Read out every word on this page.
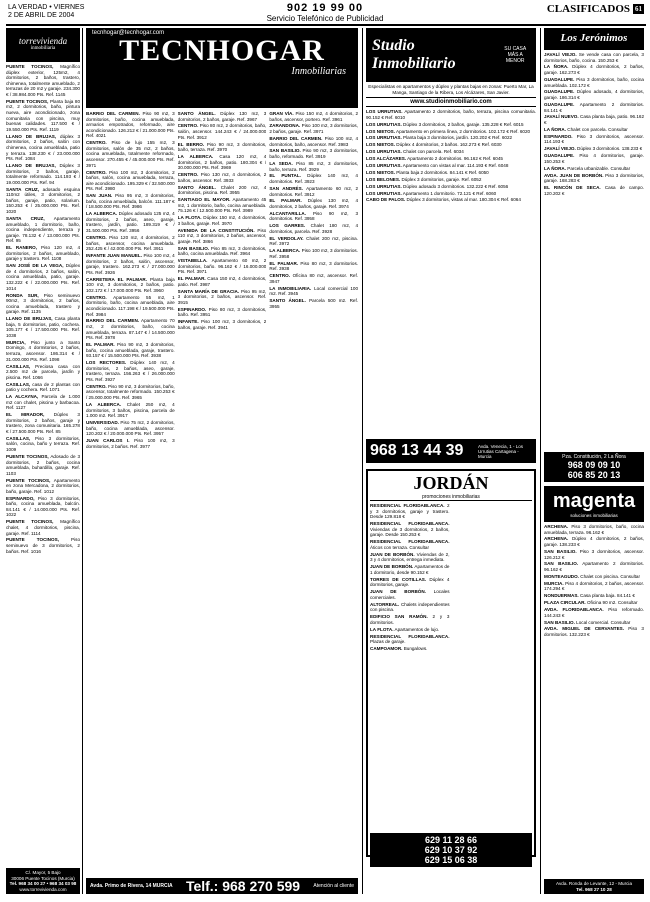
LA VERDAD • VIERNES
2 DE ABRIL DE 2004
902 19 99 00
Servicio Telefónico de Publicidad
CLASIFICADOS 61
torrevivienda
inmobiliaria

PUENTE TOCINOS, Magnífico dúplex exterior, 125m2, 4 dormitorios, 2 baños, trastero, chimenea, totalmente amueblado, 2 terrazas de 20 m2 y garaje. 234.300 € / 38.984.000 Pts. Ref. 1145

PUENTE TOCINOS, Planta baja 80 m2, 2 dormitorios, baño, pintura nueva, aire acondicionado, zona comunitaria con piscina, muy buenas calidades. 117.500 € / 19.550.000 Pts. Ref. 1119

LLANO DE BRUJAS, dúplex 3 dormitorios, 2 baños, salón con chimenea, cocina amueblada, patio y terraza. 138.230 € / 23.000.000 Pts. Ref. 1084

LLANO DE BRUJAS, Dúplex 3 dormitorios, 2 baños, garaje, totalmente reformado. 114.193 € / 19.000.000 Pts. Ref. 94

SANTA CRUZ, adosado esquina 110m2 útiles, 3 dormitorios, 2 baños, garaje, patio, solarium. 150.253 € / 25.000.000 Pts. Ref. 1020

SANTA CRUZ, Apartamento amueblado, 1 dormitorio, baño, cocina independiente, terraza y garaje. 78.132 € / 13.000.000 Pts. Ref. 95

EL RANERO, Piso 120 m2, 4 dormitorios, 2 baños, amueblado, garaje y trastero. Ref. 1108

SAN JOSÉ DE LA VEGA, Dúplex de 4 dormitorios, 2 baños, salón, cocina amueblada, patio, garaje. 132.222 € / 22.000.000 Pts. Ref. 1014

RONDA SUR, Piso seminuevo 90m2, 3 dormitorios, 2 baños, cocina amueblada, trastero y garaje. Ref. 1135

LLANO DE BRUJAS, Casa planta baja, 5 dormitorios, patio, cochera. 105.177 € / 17.500.000 Pts. Ref. 1038

MURCIA, Piso junto a Santo Domingo, 4 dormitorios, 2 baños, terraza, ascensor. 186.314 € / 31.000.000 Pts. Ref. 1098

CASILLAS, Preciosa casa con 2.500 m2 de parcela, jardín y piscina. Ref. 1066

CASILLAS, casa de 2 plantas con patio y cochera. Ref. 1071

LA ALCAYNA, Parcela de 1.000 m2 con chalet, piscina y barbacoa. Ref. 1127

EL MIRADOR, Dúplex 3 dormitorios, 2 baños, garaje y trastero, zona comunitaria. 165.278 € / 27.500.000 Pts. Ref. 85

CASILLAS, Piso 3 dormitorios, salón, cocina, baño y terraza. Ref. 1009

PUENTE TOCINOS, Adosado de 3 dormitorios, 2 baños, cocina amueblada, buhardilla, garaje. Ref. 1103

PUENTE TOCINOS, Apartamento en zona Mercadona, 2 dormitorios, baño, garaje. Ref. 1012

ESPINARDO, Piso 3 dormitorios, baño, cocina amueblada, balcón. 84.141 € / 14.000.000 Pts. Ref. 1022

PUENTE TOCINOS, Magnífico chalet, 4 dormitorios, piscina, garaje. Ref. 1114

PUENTE TOCINOS, Piso seminuevo de 3 dormitorios, 2 baños. Ref. 1016

C/. Mayor, 5 Bajo
30006 Puente Tocinos (Murcia)
Tel. 968 34 00 27 • 968 34 03 98
www.torrevivienda.com
tecnhogar@tecnhogar.com
TECNHOGAR
Inmobiliarias

BARRIO DEL CARMEN. Piso 90 m2, 3 dormitorios, baño, cocina amueblada, armarios empotrados, reformado, aire acondicionado. 126.212 € / 21.000.000 Pts. Ref. 4021

CENTRO. Piso de lujo 155 m2, 3 dormitorios, salón de 35 m2, 2 baños, cocina amueblada, totalmente reformado, ascensor. 270.455 € / 45.000.000 Pts. Ref. 3971

CENTRO. Piso 100 m2, 3 dormitorios, 2 baños, salón, cocina amueblada, terraza, aire acondicionado. 195.329 € / 32.500.000 Pts. Ref. 3980

SAN JUAN. Piso 95 m2, 3 dormitorios, baño, cocina amueblada, balcón. 111.187 € / 18.500.000 Pts. Ref. 3986

LA ALBERCA. Dúplex adosado 125 m2, 4 dormitorios, 2 baños, aseo, garaje, trastero, jardín, patio. 189.319 € / 31.500.000 Pts. Ref. 3956

CENTRO. Piso 120 m2, 4 dormitorios, 2 baños, ascensor, cocina amueblada. 252.425 € / 42.000.000 Pts. Ref. 3911

INFANTE JUAN MANUEL. Piso 100 m2, 4 dormitorios, 2 baños, salón, ascensor, garaje, trastero. 162.273 € / 27.000.000 Pts. Ref. 3926

CARRETERA EL PALMAR. Planta baja 100 m2, 3 dormitorios, 2 baños, patio. 102.172 € / 17.000.000 Pts. Ref. 3960

CENTRO. Apartamento 55 m2, 1 dormitorio, baño, cocina amueblada, aire acondicionado. 117.198 € / 19.500.000 Pts. Ref. 3984

BARRIO DEL CARMEN. Apartamento 70 m2, 2 dormitorios, baño, cocina amueblada, terraza. 87.147 € / 14.500.000 Pts. Ref. 3978

EL PALMAR. Piso 90 m2, 3 dormitorios, baño, cocina amueblada, garaje, trastero. 93.157 € / 15.500.000 Pts. Ref. 3938

LOS RECTORES. Dúplex 140 m2, 4 dormitorios, 2 baños, aseo, garaje, trastero, terraza. 156.263 € / 26.000.000 Pts. Ref. 3927

CENTRO. Piso 90 m2, 3 dormitorios, baño, ascensor, totalmente reformado. 150.253 € / 25.000.000 Pts. Ref. 3965

LA ALBERCA. Chalet 250 m2, 4 dormitorios, 3 baños, piscina, parcela de 1.000 m2. Ref. 3917

UNIVERSIDAD. Piso 75 m2, 2 dormitorios, baño, cocina amueblada, ascensor. 120.202 € / 20.000.000 Pts. Ref. 3957

JUAN CARLOS I. Piso 100 m2, 3 dormitorios, 2 baños. Ref. 3977

SANTO ÁNGEL. Dúplex 130 m2, 3 dormitorios, 2 baños, garaje. Ref. 3967

CENTRO. Piso 80 m2, 2 dormitorios, baño, salón, ascensor. 144.243 € / 24.000.000 Pts. Ref. 3912

EL BERRO. Piso 90 m2, 3 dormitorios, baño, terraza. Ref. 3970

LA ALBERCA. Casa 120 m2, 4 dormitorios, 2 baños, patio. 180.304 € / 30.000.000 Pts. Ref. 3969

CENTRO. Piso 130 m2, 4 dormitorios, 2 baños, ascensor. Ref. 3933

SANTO ÁNGEL. Chalet 200 m2, 4 dormitorios, piscina. Ref. 3955

SANTIAGO EL MAYOR. Apartamento 45 m2, 1 dormitorio, baño, cocina amueblada. 75.126 € / 12.500.000 Pts. Ref. 3989

LA FLOTA. Dúplex 150 m2, 4 dormitorios, 3 baños, garaje. Ref. 3970

AVENIDA DE LA CONSTITUCIÓN. Piso 110 m2, 3 dormitorios, 2 baños, ascensor, garaje. Ref. 3866

SAN BASILIO. Piso 85 m2, 3 dormitorios, baño, cocina amueblada. Ref. 3964

VISTABELLA. Apartamento 60 m2, 2 dormitorios, baño. 96.162 € / 16.000.000 Pts. Ref. 3971

EL PALMAR. Casa 150 m2, 4 dormitorios, patio. Ref. 3987

SANTA MARÍA DE GRACIA. Piso 95 m2, 3 dormitorios, 2 baños, ascensor. Ref. 3915

ESPINARDO. Piso 80 m2, 3 dormitorios, baño. Ref. 3951

INFANTE. Piso 100 m2, 3 dormitorios, 2 baños, garaje. Ref. 3941

GRAN VÍA. Piso 150 m2, 4 dormitorios, 2 baños, ascensor, portero. Ref. 3961

ZARANDONA. Piso 100 m2, 3 dormitorios, 2 baños, garaje. Ref. 3971

BARRIO DEL CARMEN. Piso 100 m2, 4 dormitorios, baño, ascensor. Ref. 3983

SAN BASILIO. Piso 90 m2, 3 dormitorios, baño, reformado. Ref. 3919

LA SEDA. Piso 85 m2, 3 dormitorios, baño, terraza. Ref. 3929

EL PUNTAL. Dúplex 140 m2, 4 dormitorios. Ref. 3923

SAN ANDRÉS. Apartamento 60 m2, 2 dormitorios. Ref. 3912

EL PALMAR. Dúplex 130 m2, 4 dormitorios, 2 baños, garaje. Ref. 3974

ALCANTARILLA. Piso 90 m2, 3 dormitorios. Ref. 3958

LOS GARRES. Chalet 180 m2, 4 dormitorios, parcela. Ref. 3928

EL VERDOLAY. Chalet 200 m2, piscina. Ref. 3972

LA ALBERCA. Piso 100 m2, 3 dormitorios. Ref. 3958

EL PALMAR. Piso 80 m2, 3 dormitorios. Ref. 3938

CENTRO. Oficina 80 m2, ascensor. Ref. 3947

LA INMOBILIARIA. Local comercial 100 m2. Ref. 3945

SANTO ÁNGEL. Parcela 500 m2. Ref. 3955

Avda. Primo de Rivera, 14 MURCIA Telf.: 968 270 599	Atención al cliente
Studio Inmobiliario
SU CASA MÁS A MENOR
Especialistas en apartamentos y dúplex y plantas bajas en zonas: Puerto Mar, La Manga, Santiago de la Ribera, Los Alcázares, San Javier.
www.studioinmobiliario.com

LOS URRUTIAS. Apartamento 2 dormitorios, baño, terraza, piscina comunitaria. 90.152 € Ref. 6010

LOS URRUTIAS. Dúplex 3 dormitorios, 2 baños, garaje. 135.228 € Ref. 6015

LOS NIETOS. Apartamento en primera línea, 2 dormitorios. 102.172 € Ref. 6020

LOS URRUTIAS. Planta baja 3 dormitorios, jardín. 120.202 € Ref. 6022

LOS NIETOS. Dúplex 4 dormitorios, 2 baños. 162.273 € Ref. 6030

LOS URRUTIAS. Chalet con parcela. Ref. 6034

LOS ALCÁZARES. Apartamento 2 dormitorios. 96.162 € Ref. 6045

LOS URRUTIAS. Apartamento con vistas al mar. 114.193 € Ref. 6048

LOS NIETOS. Planta baja 2 dormitorios. 84.141 € Ref. 6050

LOS BELONES. Dúplex 3 dormitorios, garaje. Ref. 6052

LOS URRUTIAS. Dúplex adosado 3 dormitorios. 132.222 € Ref. 6056

LOS URRUTIAS. Apartamento 1 dormitorio. 72.121 € Ref. 6060

CABO DE PALOS. Dúplex 3 dormitorios, vistas al mar. 180.304 € Ref. 6064

968 13 44 39	Avda. Venecia, 1 - Los Urrutias Cartagena - Murcia
JORDÁN
promociones inmobiliarias

RESIDENCIAL FLORIDABLANCA. 2 y 3 dormitorios, garaje y trastero. Desde 129.818 €

RESIDENCIAL FLORIDABLANCA. Viviendas de 3 dormitorios, 2 baños, garaje. Desde 150.253 €

RESIDENCIAL FLORIDABLANCA. Áticos con terraza. Consultar

JUAN DE BORBÓN. Viviendas de 2, 3 y 4 dormitorios, entrega inmediata.

JUAN DE BORBÓN. Apartamentos de 1 dormitorio, desde 90.152 €

TORRES DE COTILLAS. Dúplex 4 dormitorios, garaje.

JUAN DE BORBÓN. Locales comerciales.

ALTORREAL. Chalets independientes con piscina.

EDIFICIO SAN RAMÓN. 2 y 3 dormitorios.

LA FLOTA. Apartamentos de lujo.

RESIDENCIAL FLORIDABLANCA. Plazas de garaje.

CAMPOAMOR. Bungalows.

629 11 28 66
629 10 37 92
629 15 06 38
Los Jerónimos

JAVALÍ VIEJO. Se vende casa con parcela, 3 dormitorios, baño, cocina. 150.253 €

LA ÑORA. Dúplex 4 dormitorios, 2 baños, garaje. 162.273 €

GUADALUPE. Piso 3 dormitorios, baño, cocina amueblada. 102.172 €

GUADALUPE. Dúplex adosado, 4 dormitorios, garaje. 186.314 €

GUADALUPE. Apartamento 2 dormitorios. 84.141 €

JAVALÍ NUEVO. Casa planta baja, patio. 96.162 €

LA ÑORA. Chalet con parcela. Consultar

ESPINARDO. Piso 3 dormitorios, ascensor. 114.193 €

JAVALÍ VIEJO. Dúplex 3 dormitorios. 138.233 €

GUADALUPE. Piso 4 dormitorios, garaje. 150.253 €

LA ÑORA. Parcela urbanizable. Consultar

AVDA. JUAN DE BORBÓN. Piso 3 dormitorios, garaje. 168.283 €

EL RINCÓN DE SECA. Casa de campo. 120.202 €

Pza. Constitución, 2 La Ñora
968 09 09 10
606 85 20 13
magenta
soluciones inmobiliarias

ARCHENA. Piso 3 dormitorios, baño, cocina amueblada, terraza. 96.162 €

ARCHENA. Dúplex 4 dormitorios, 2 baños, garaje. 138.233 €

SAN BASILIO. Piso 3 dormitorios, ascensor. 126.212 €

SAN BASILIO. Apartamento 2 dormitorios. 96.162 €

MONTEAGUDO. Chalet con piscina. Consultar

MURCIA. Piso 4 dormitorios, 2 baños, ascensor. 174.294 €

NONDUERMAS. Casa planta baja. 84.141 €

PLAZA CIRCULAR. Oficina 90 m2. Consultar

AVDA. FLORIDABLANCA. Piso reformado. 144.243 €

SAN BASILIO. Local comercial. Consultar

AVDA. MIGUEL DE CERVANTES. Piso 3 dormitorios. 132.223 €

Avda. Ronda de Levante, 12 - Murcia
Tel. 968 27 10 28
